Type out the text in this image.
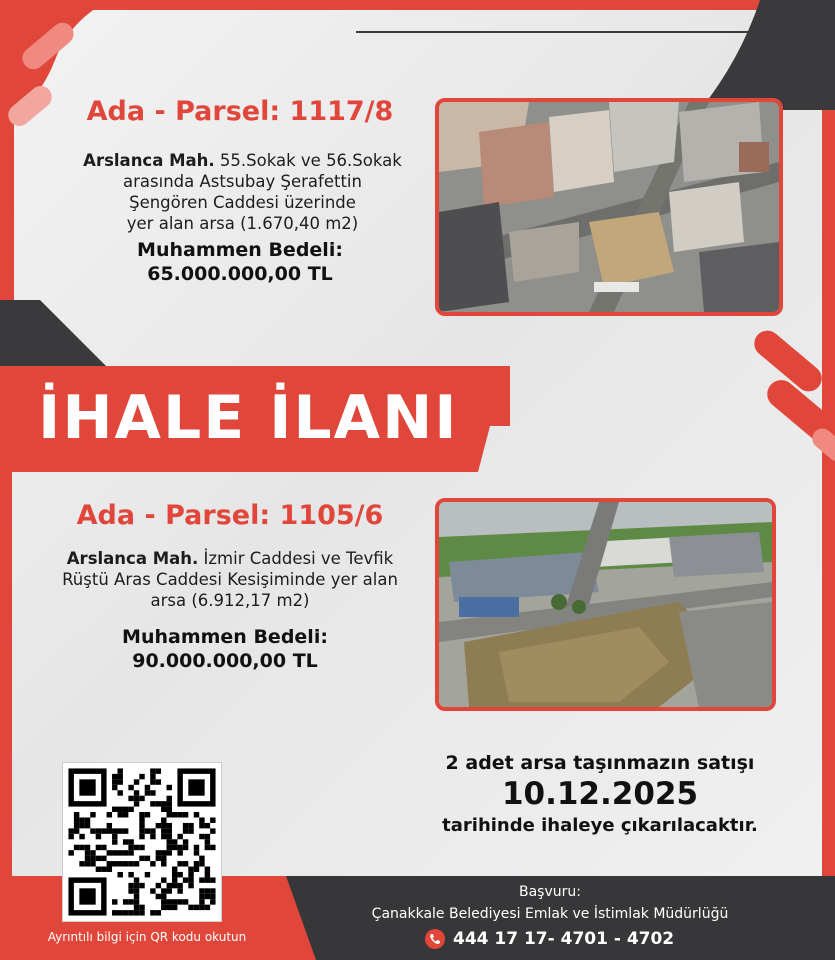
Ada - Parsel: 1117/8
Arslanca Mah. 55.Sokak ve 56.Sokak
arasında Astsubay Şerafettin
Şengören Caddesi üzerinde
yer alan arsa (1.670,40 m2)
Muhammen Bedeli:
65.000.000,00 TL
İHALE İLANI
Ada - Parsel: 1105/6
Arslanca Mah. İzmir Caddesi ve Tevfik
Rüştü Aras Caddesi Kesişiminde yer alan
arsa (6.912,17 m2)
Muhammen Bedeli:
90.000.000,00 TL
2 adet arsa taşınmazın satışı
10.12.2025
tarihinde ihaleye çıkarılacaktır.
Ayrıntılı bilgi için QR kodu okutun
Başvuru:
Çanakkale Belediyesi Emlak ve İstimlak Müdürlüğü
444 17 17- 4701 - 4702
